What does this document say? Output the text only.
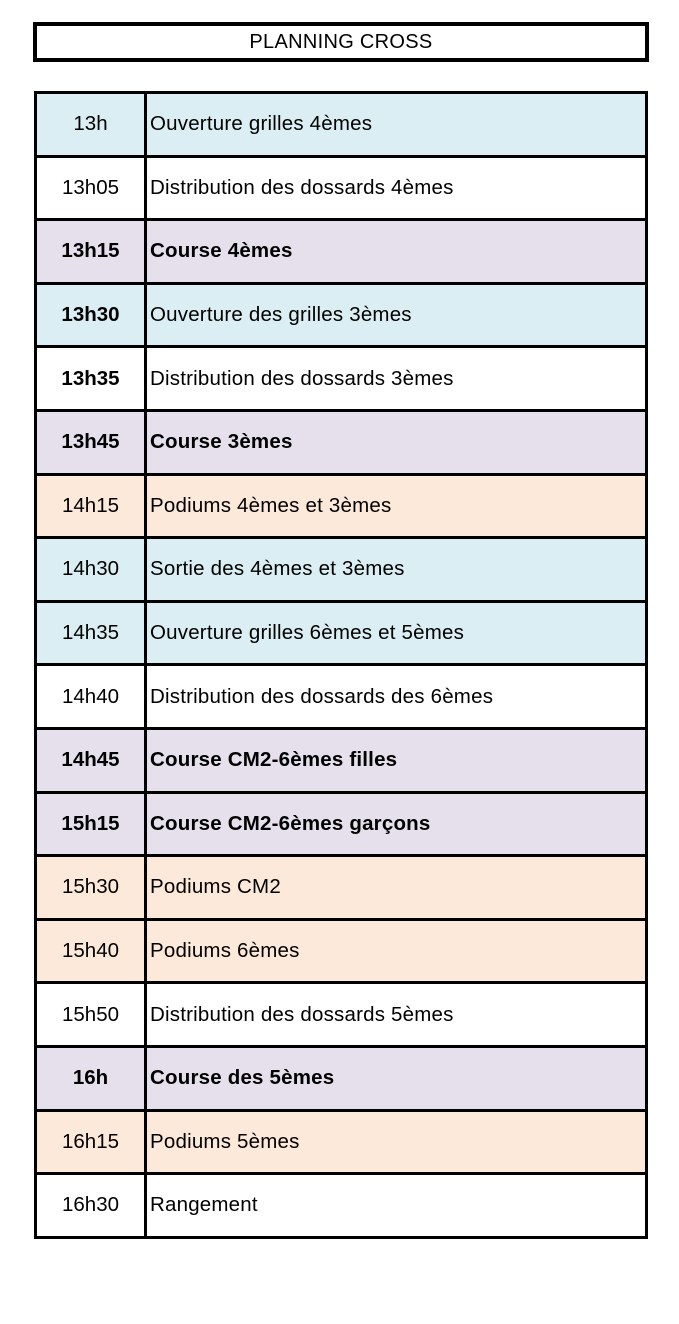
PLANNING CROSS
13h	Ouverture grilles 4èmes
13h05	Distribution des dossards 4èmes
13h15	Course 4èmes
13h30	Ouverture des grilles 3èmes
13h35	Distribution des dossards 3èmes
13h45	Course 3èmes
14h15	Podiums 4èmes et 3èmes
14h30	Sortie des 4èmes et 3èmes
14h35	Ouverture grilles 6èmes et 5èmes
14h40	Distribution des dossards des 6èmes
14h45	Course CM2-6èmes filles
15h15	Course CM2-6èmes garçons
15h30	Podiums CM2
15h40	Podiums 6èmes
15h50	Distribution des dossards 5èmes
16h	Course des 5èmes
16h15	Podiums 5èmes
16h30	Rangement
